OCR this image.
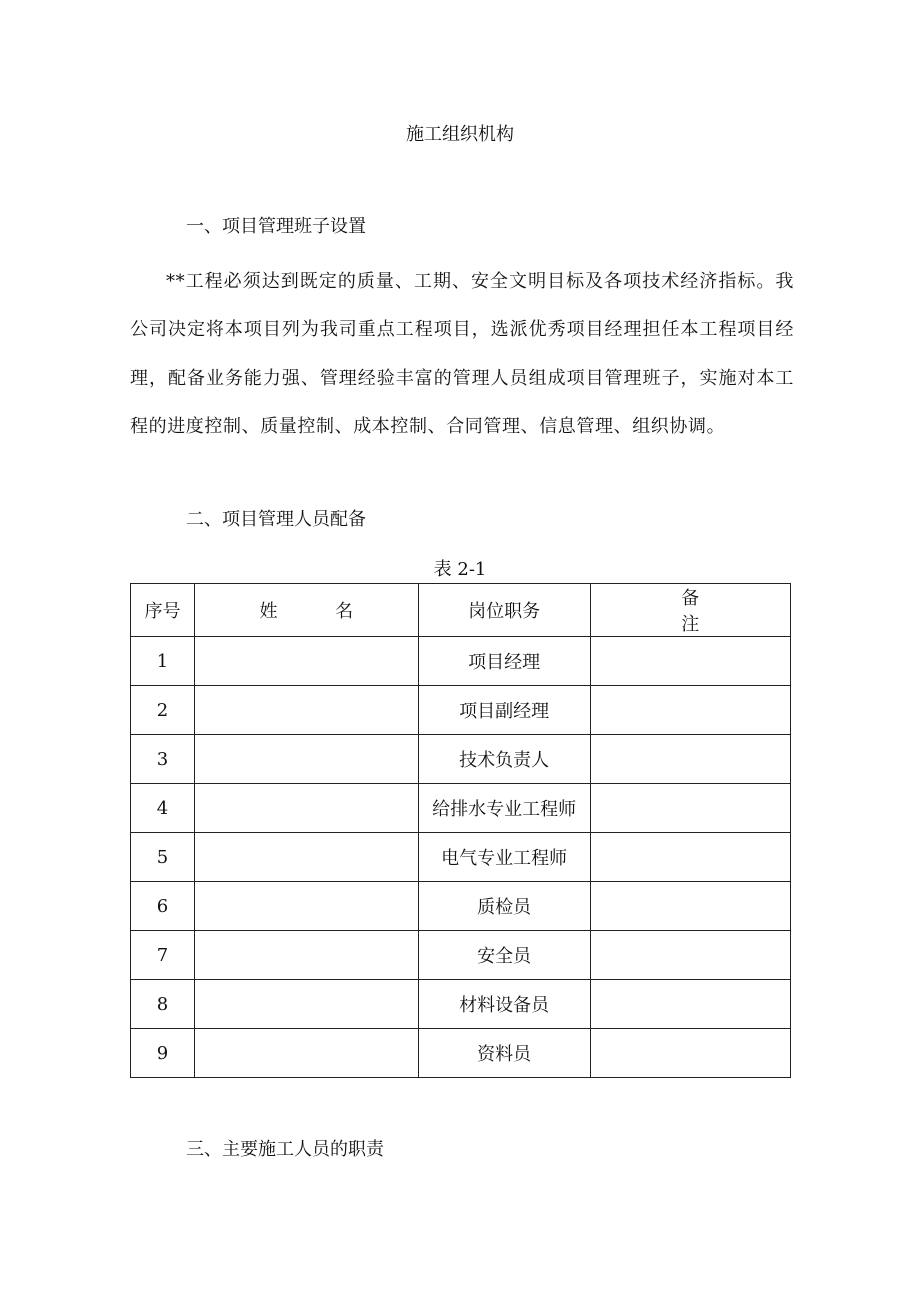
施工组织机构
一、项目管理班子设置
**工程必须达到既定的质量、工期、安全文明目标及各项技术经济指标。我公司决定将本项目列为我司重点工程项目，选派优秀项目经理担任本工程项目经理，配备业务能力强、管理经验丰富的管理人员组成项目管理班子，实施对本工程的进度控制、质量控制、成本控制、合同管理、信息管理、组织协调。
二、项目管理人员配备
表 2-1
序号	姓名	岗位职务	备注
1		项目经理	
2		项目副经理	
3		技术负责人	
4		给排水专业工程师	
5		电气专业工程师	
6		质检员	
7		安全员	
8		材料设备员	
9		资料员	
三、主要施工人员的职责
